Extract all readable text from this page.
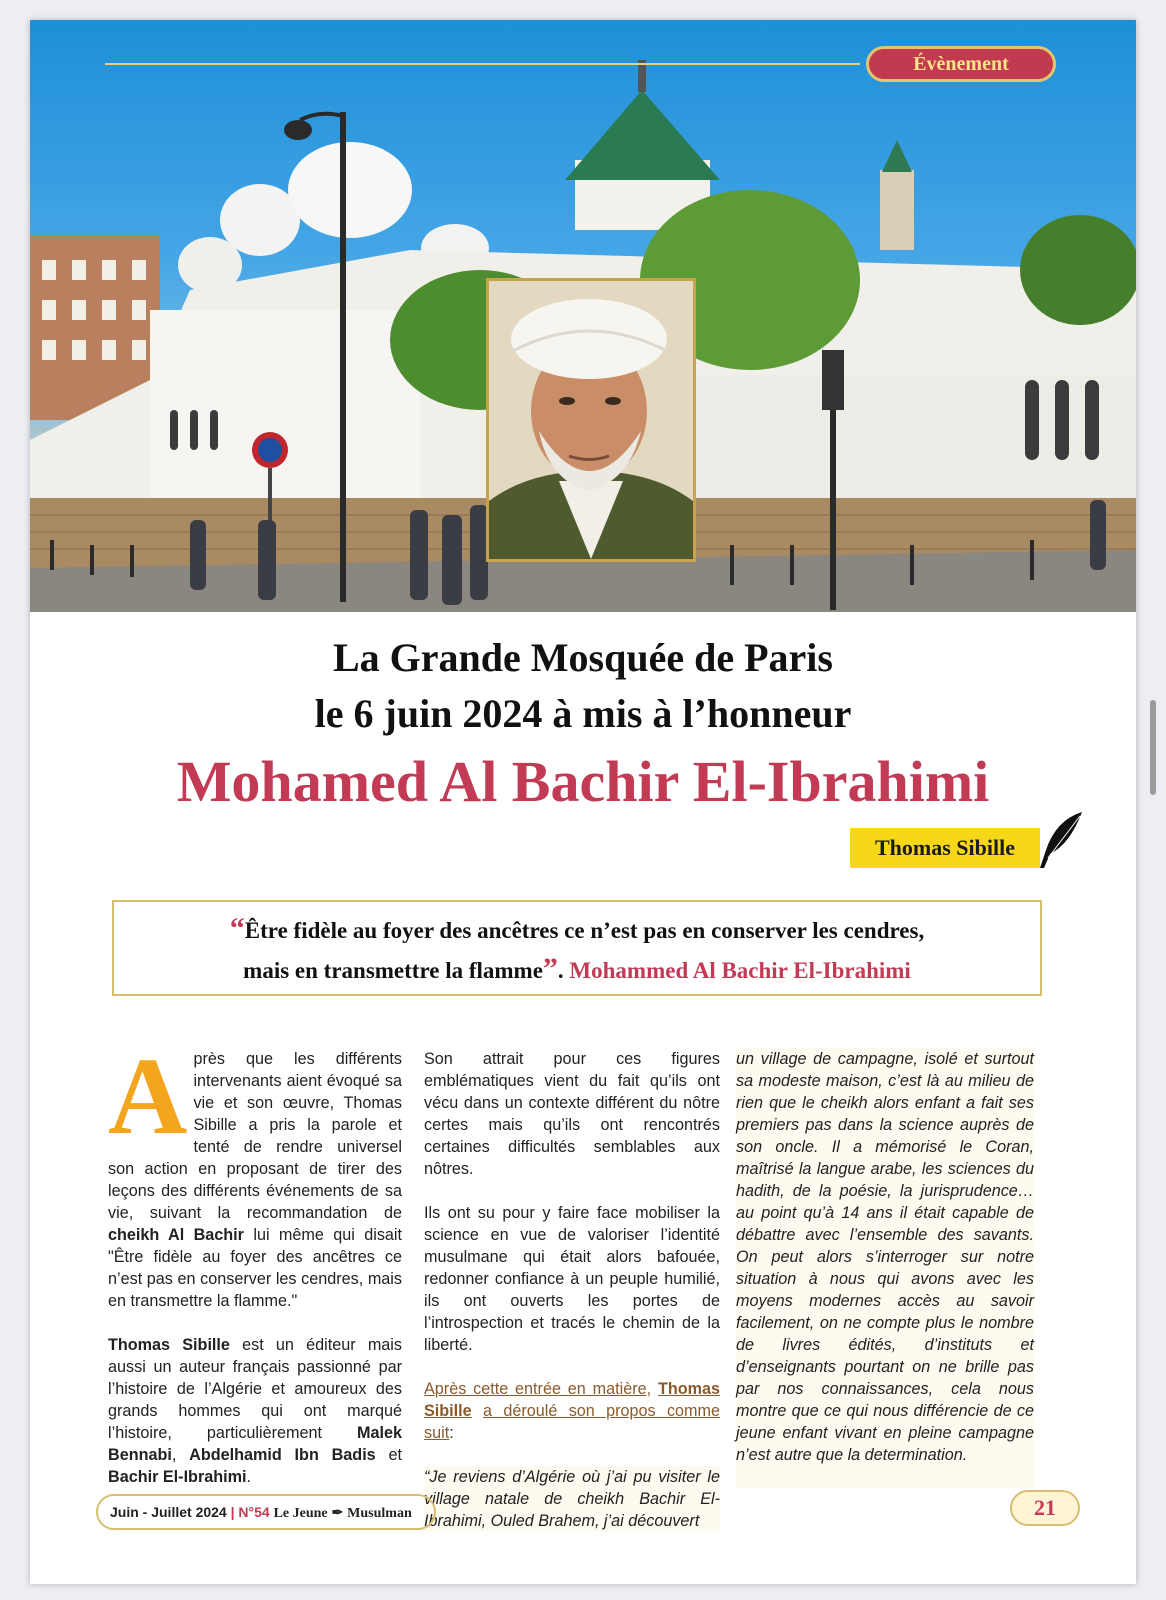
Évènement
La Grande Mosquée de Paris
le 6 juin 2024 à mis à l’honneur
Mohamed Al Bachir El-Ibrahimi
Thomas Sibille
“Être fidèle au foyer des ancêtres ce n’est pas en conserver les cendres,
mais en transmettre la flamme”. Mohammed Al Bachir El-Ibrahimi

Après que les différents intervenants aient évoqué sa vie et son œuvre, Thomas Sibille a pris la parole et tenté de rendre universel son action en proposant de tirer des leçons des différents événements de sa vie, suivant la recommandation de cheikh Al Bachir lui même qui disait "Être fidèle au foyer des ancêtres ce n’est pas en conserver les cendres, mais en transmettre la flamme."

Thomas Sibille est un éditeur mais aussi un auteur français passionné par l’histoire de l’Algérie et amoureux des grands hommes qui ont marqué l’histoire, particulièrement Malek Bennabi, Abdelhamid Ibn Badis et Bachir El-Ibrahimi.

Son attrait pour ces figures emblématiques vient du fait qu’ils ont vécu dans un contexte différent du nôtre certes mais qu’ils ont rencontrés certaines difficultés semblables aux nôtres.

Ils ont su pour y faire face mobiliser la science en vue de valoriser l’identité musulmane qui était alors bafouée, redonner confiance à un peuple humilié, ils ont ouverts les portes de l’introspection et tracés le chemin de la liberté.

Après cette entrée en matière, Thomas Sibille a déroulé son propos comme suit:

“Je reviens d’Algérie où j’ai pu visiter le village natale de cheikh Bachir El-Ibrahimi, Ouled Brahem, j’ai découvert

un village de campagne, isolé et surtout sa modeste maison, c’est là au milieu de rien que le cheikh alors enfant a fait ses premiers pas dans la science auprès de son oncle. Il a mémorisé le Coran, maîtrisé la langue arabe, les sciences du hadith, de la poésie, la jurisprudence… au point qu’à 14 ans il était capable de débattre avec l’ensemble des savants. On peut alors s’interroger sur notre situation à nous qui avons avec les moyens modernes accès au savoir facilement, on ne compte plus le nombre de livres édités, d’instituts et d’enseignants pourtant on ne brille pas par nos connaissances, cela nous montre que ce qui nous différencie de ce jeune enfant vivant en pleine campagne n’est autre que la determination.

Juin - Juillet 2024 | N°54 Le Jeune ✒ Musulman	21
